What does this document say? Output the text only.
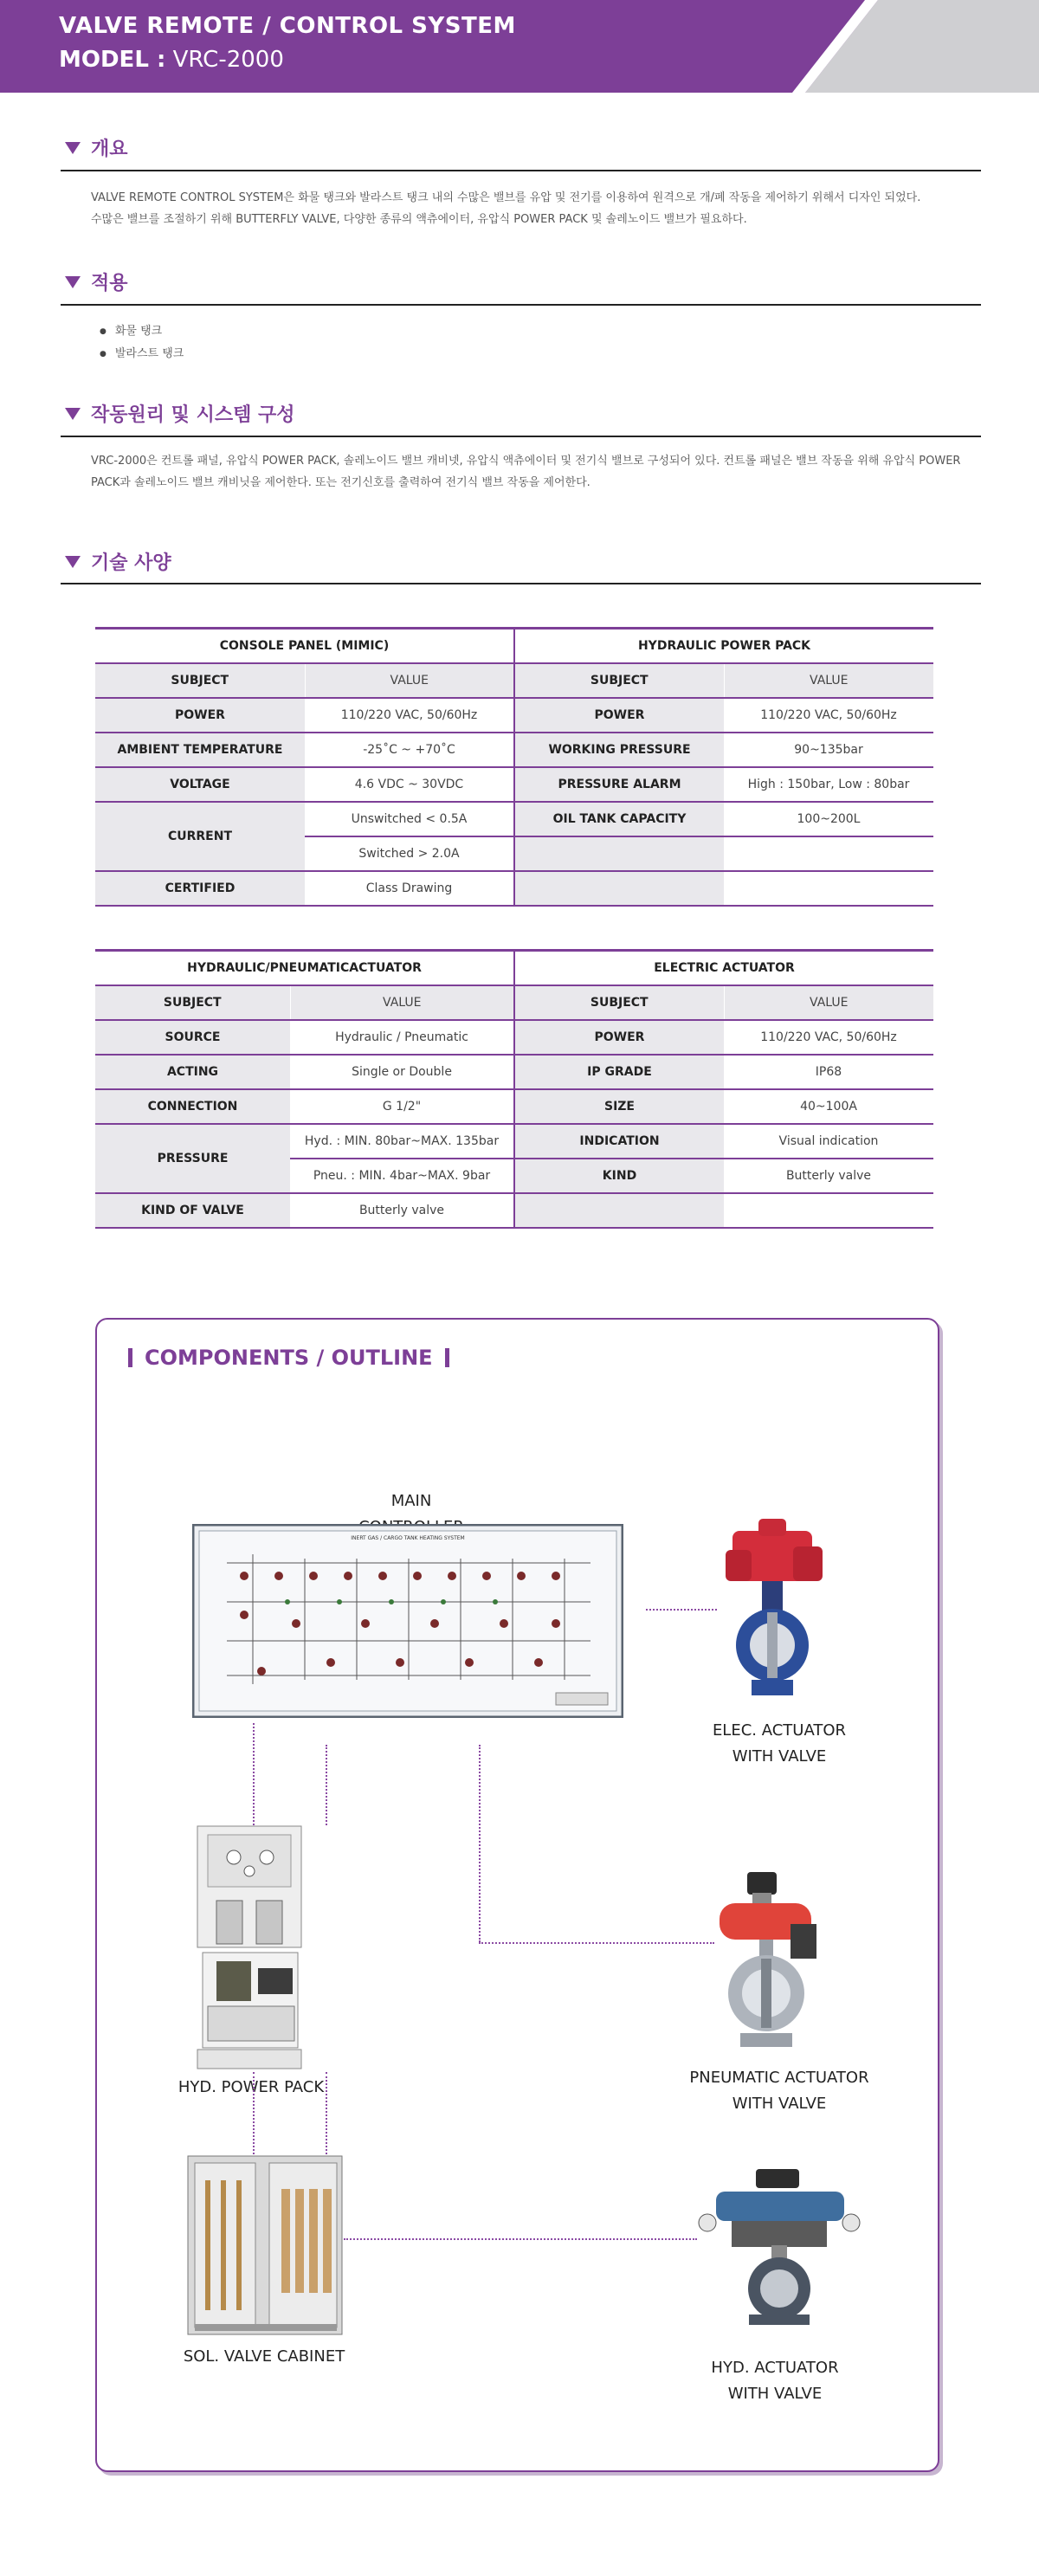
VALVE REMOTE / CONTROL SYSTEM
MODEL : VRC-2000
개요
VALVE REMOTE CONTROL SYSTEM은 화물 탱크와 발라스트 탱크 내의 수많은 밸브를 유압 및 전기를 이용하여 원격으로 개/폐 작동을 제어하기 위해서 디자인 되었다.
수많은 밸브를 조절하기 위해 BUTTERFLY VALVE, 다양한 종류의 액츄에이터, 유압식 POWER PACK 및 솔레노이드 밸브가 필요하다.
적용
● 화물 탱크
● 발라스트 탱크
작동원리 및 시스템 구성
VRC-2000은 컨트롤 패널, 유압식 POWER PACK, 솔레노이드 밸브 캐비넷, 유압식 액츄에이터 및 전기식 밸브로 구성되어 있다. 컨트롤 패널은 밸브 작동을 위해 유압식 POWER
PACK과 솔레노이드 밸브 캐비닛을 제어한다. 또는 전기신호를 출력하여 전기식 밸브 작동을 제어한다.
기술 사양
CONSOLE PANEL (MIMIC)		HYDRAULIC POWER PACK	
SUBJECT	VALUE	SUBJECT	VALUE
POWER	110/220 VAC, 50/60Hz	POWER	110/220 VAC, 50/60Hz
AMBIENT TEMPERATURE	-25˚C ~ +70˚C	WORKING PRESSURE	90~135bar
VOLTAGE	4.6 VDC ~ 30VDC	PRESSURE ALARM	High : 150bar, Low : 80bar
CURRENT	Unswitched < 0.5A	OIL TANK CAPACITY	100~200L
	Switched > 2.0A		
CERTIFIED	Class Drawing		
HYDRAULIC/PNEUMATICACTUATOR		ELECTRIC ACTUATOR	
SUBJECT	VALUE	SUBJECT	VALUE
SOURCE	Hydraulic / Pneumatic	POWER	110/220 VAC, 50/60Hz
ACTING	Single or Double	IP GRADE	IP68
CONNECTION	G 1/2"	SIZE	40~100A
PRESSURE	Hyd. : MIN. 80bar~MAX. 135bar	INDICATION	Visual indication
	Pneu. : MIN. 4bar~MAX. 9bar	KIND	Butterly valve
KIND OF VALVE	Butterly valve		
COMPONENTS / OUTLINE
MAIN
INERT GAS / CARGO TANK HEATING SYSTEM
ELEC. ACTUATOR
WITH VALVE
HYD. POWER PACK
PNEUMATIC ACTUATOR
WITH VALVE
SOL. VALVE CABINET
HYD. ACTUATOR
WITH VALVE
